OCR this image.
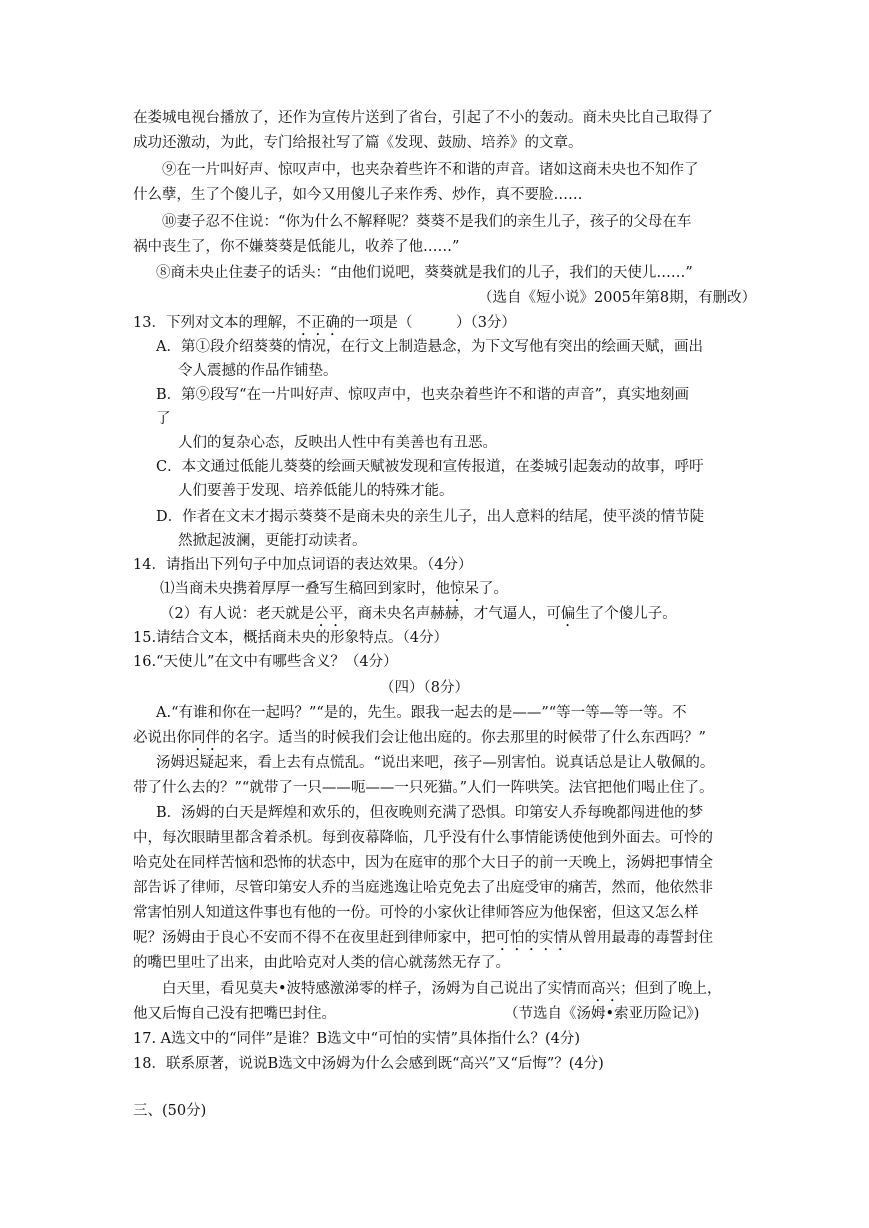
在娄城电视台播放了，还作为宣传片送到了省台，引起了不小的轰动。商未央比自己取得了
成功还激动，为此，专门给报社写了篇《发现、鼓励、培养》的文章。
⑨在一片叫好声、惊叹声中，也夹杂着些许不和谐的声音。诸如这商未央也不知作了
什么孽，生了个傻儿子，如今又用傻儿子来作秀、炒作，真不要脸……
⑩妻子忍不住说：“你为什么不解释呢？葵葵不是我们的亲生儿子，孩子的父母在车
祸中丧生了，你不嫌葵葵是低能儿，收养了他……”
⑧商未央止住妻子的话头：“由他们说吧，葵葵就是我们的儿子，我们的天使儿……”
（选自《短小说》2005年第8期，有删改）
13．下列对文本的理解，不正确的一项是（　　　）（3分）
A．第①段介绍葵葵的情况，在行文上制造悬念，为下文写他有突出的绘画天赋，画出
令人震撼的作品作铺垫。
B．第⑨段写“在一片叫好声、惊叹声中，也夹杂着些许不和谐的声音”，真实地刻画
了
人们的复杂心态，反映出人性中有美善也有丑恶。
C．本文通过低能儿葵葵的绘画天赋被发现和宣传报道，在娄城引起轰动的故事，呼吁
人们要善于发现、培养低能儿的特殊才能。
D．作者在文末才揭示葵葵不是商未央的亲生儿子，出人意料的结尾，使平淡的情节陡
然掀起波澜，更能打动读者。
14．请指出下列句子中加点词语的表达效果。（4分）
⑴当商未央携着厚厚一叠写生稿回到家时，他惊呆了。
（2）有人说：老天就是公平，商未央名声赫赫，才气逼人，可偏生了个傻儿子。
15.请结合文本，概括商未央的形象特点。（4分）
16.“天使儿”在文中有哪些含义？（4分）
（四）（8分）
A.“有谁和你在一起吗？”“是的，先生。跟我一起去的是——”“等一等—等一等。不
必说出你同伴的名字。适当的时候我们会让他出庭的。你去那里的时候带了什么东西吗？”
汤姆迟疑起来，看上去有点慌乱。“说出来吧，孩子—别害怕。说真话总是让人敬佩的。
带了什么去的？”“就带了一只——呃——一只死猫。”人们一阵哄笑。法官把他们喝止住了。
B．汤姆的白天是辉煌和欢乐的，但夜晚则充满了恐惧。印第安人乔每晚都闯进他的梦
中，每次眼睛里都含着杀机。每到夜幕降临，几乎没有什么事情能诱使他到外面去。可怜的
哈克处在同样苦恼和恐怖的状态中，因为在庭审的那个大日子的前一天晚上，汤姆把事情全
部告诉了律师，尽管印第安人乔的当庭逃逸让哈克免去了出庭受审的痛苦，然而，他依然非
常害怕别人知道这件事也有他的一份。可怜的小家伙让律师答应为他保密，但这又怎么样
呢？汤姆由于良心不安而不得不在夜里赶到律师家中，把可怕的实情从曾用最毒的毒誓封住
的嘴巴里吐了出来，由此哈克对人类的信心就荡然无存了。
白天里，看见莫夫•波特感激涕零的样子，汤姆为自己说出了实情而高兴；但到了晚上，
他又后悔自己没有把嘴巴封住。	（节选自《汤姆•索亚历险记》)
17. A选文中的“同伴”是谁？B选文中“可怕的实情”具体指什么？(4分)
18．联系原著，说说B选文中汤姆为什么会感到既“高兴”又“后悔”？(4分)
三、(50分)
